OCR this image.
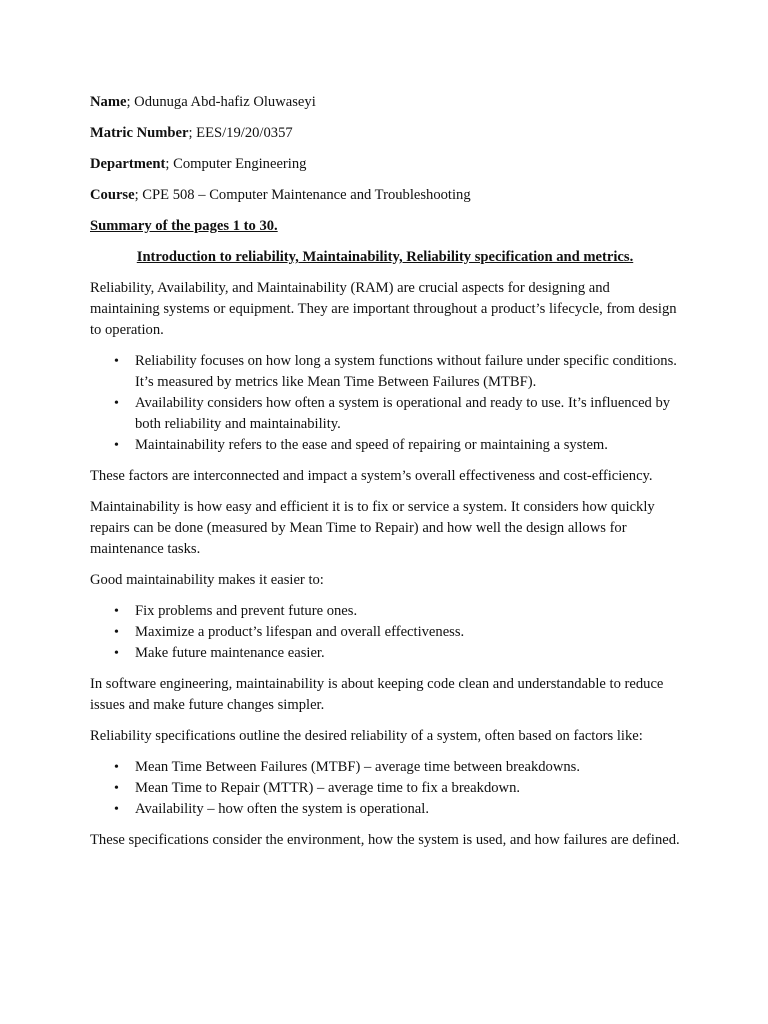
Name; Odunuga Abd-hafiz Oluwaseyi

Matric Number; EES/19/20/0357

Department; Computer Engineering

Course; CPE 508 – Computer Maintenance and Troubleshooting

Summary of the pages 1 to 30.

Introduction to reliability, Maintainability, Reliability specification and metrics.

Reliability, Availability, and Maintainability (RAM) are crucial aspects for designing and maintaining systems or equipment. They are important throughout a product’s lifecycle, from design to operation.

• Reliability focuses on how long a system functions without failure under specific conditions. It’s measured by metrics like Mean Time Between Failures (MTBF).
• Availability considers how often a system is operational and ready to use. It’s influenced by both reliability and maintainability.
• Maintainability refers to the ease and speed of repairing or maintaining a system.

These factors are interconnected and impact a system’s overall effectiveness and cost-efficiency.

Maintainability is how easy and efficient it is to fix or service a system. It considers how quickly repairs can be done (measured by Mean Time to Repair) and how well the design allows for maintenance tasks.

Good maintainability makes it easier to:

• Fix problems and prevent future ones.
• Maximize a product’s lifespan and overall effectiveness.
• Make future maintenance easier.

In software engineering, maintainability is about keeping code clean and understandable to reduce issues and make future changes simpler.

Reliability specifications outline the desired reliability of a system, often based on factors like:

• Mean Time Between Failures (MTBF) – average time between breakdowns.
• Mean Time to Repair (MTTR) – average time to fix a breakdown.
• Availability – how often the system is operational.

These specifications consider the environment, how the system is used, and how failures are defined.
